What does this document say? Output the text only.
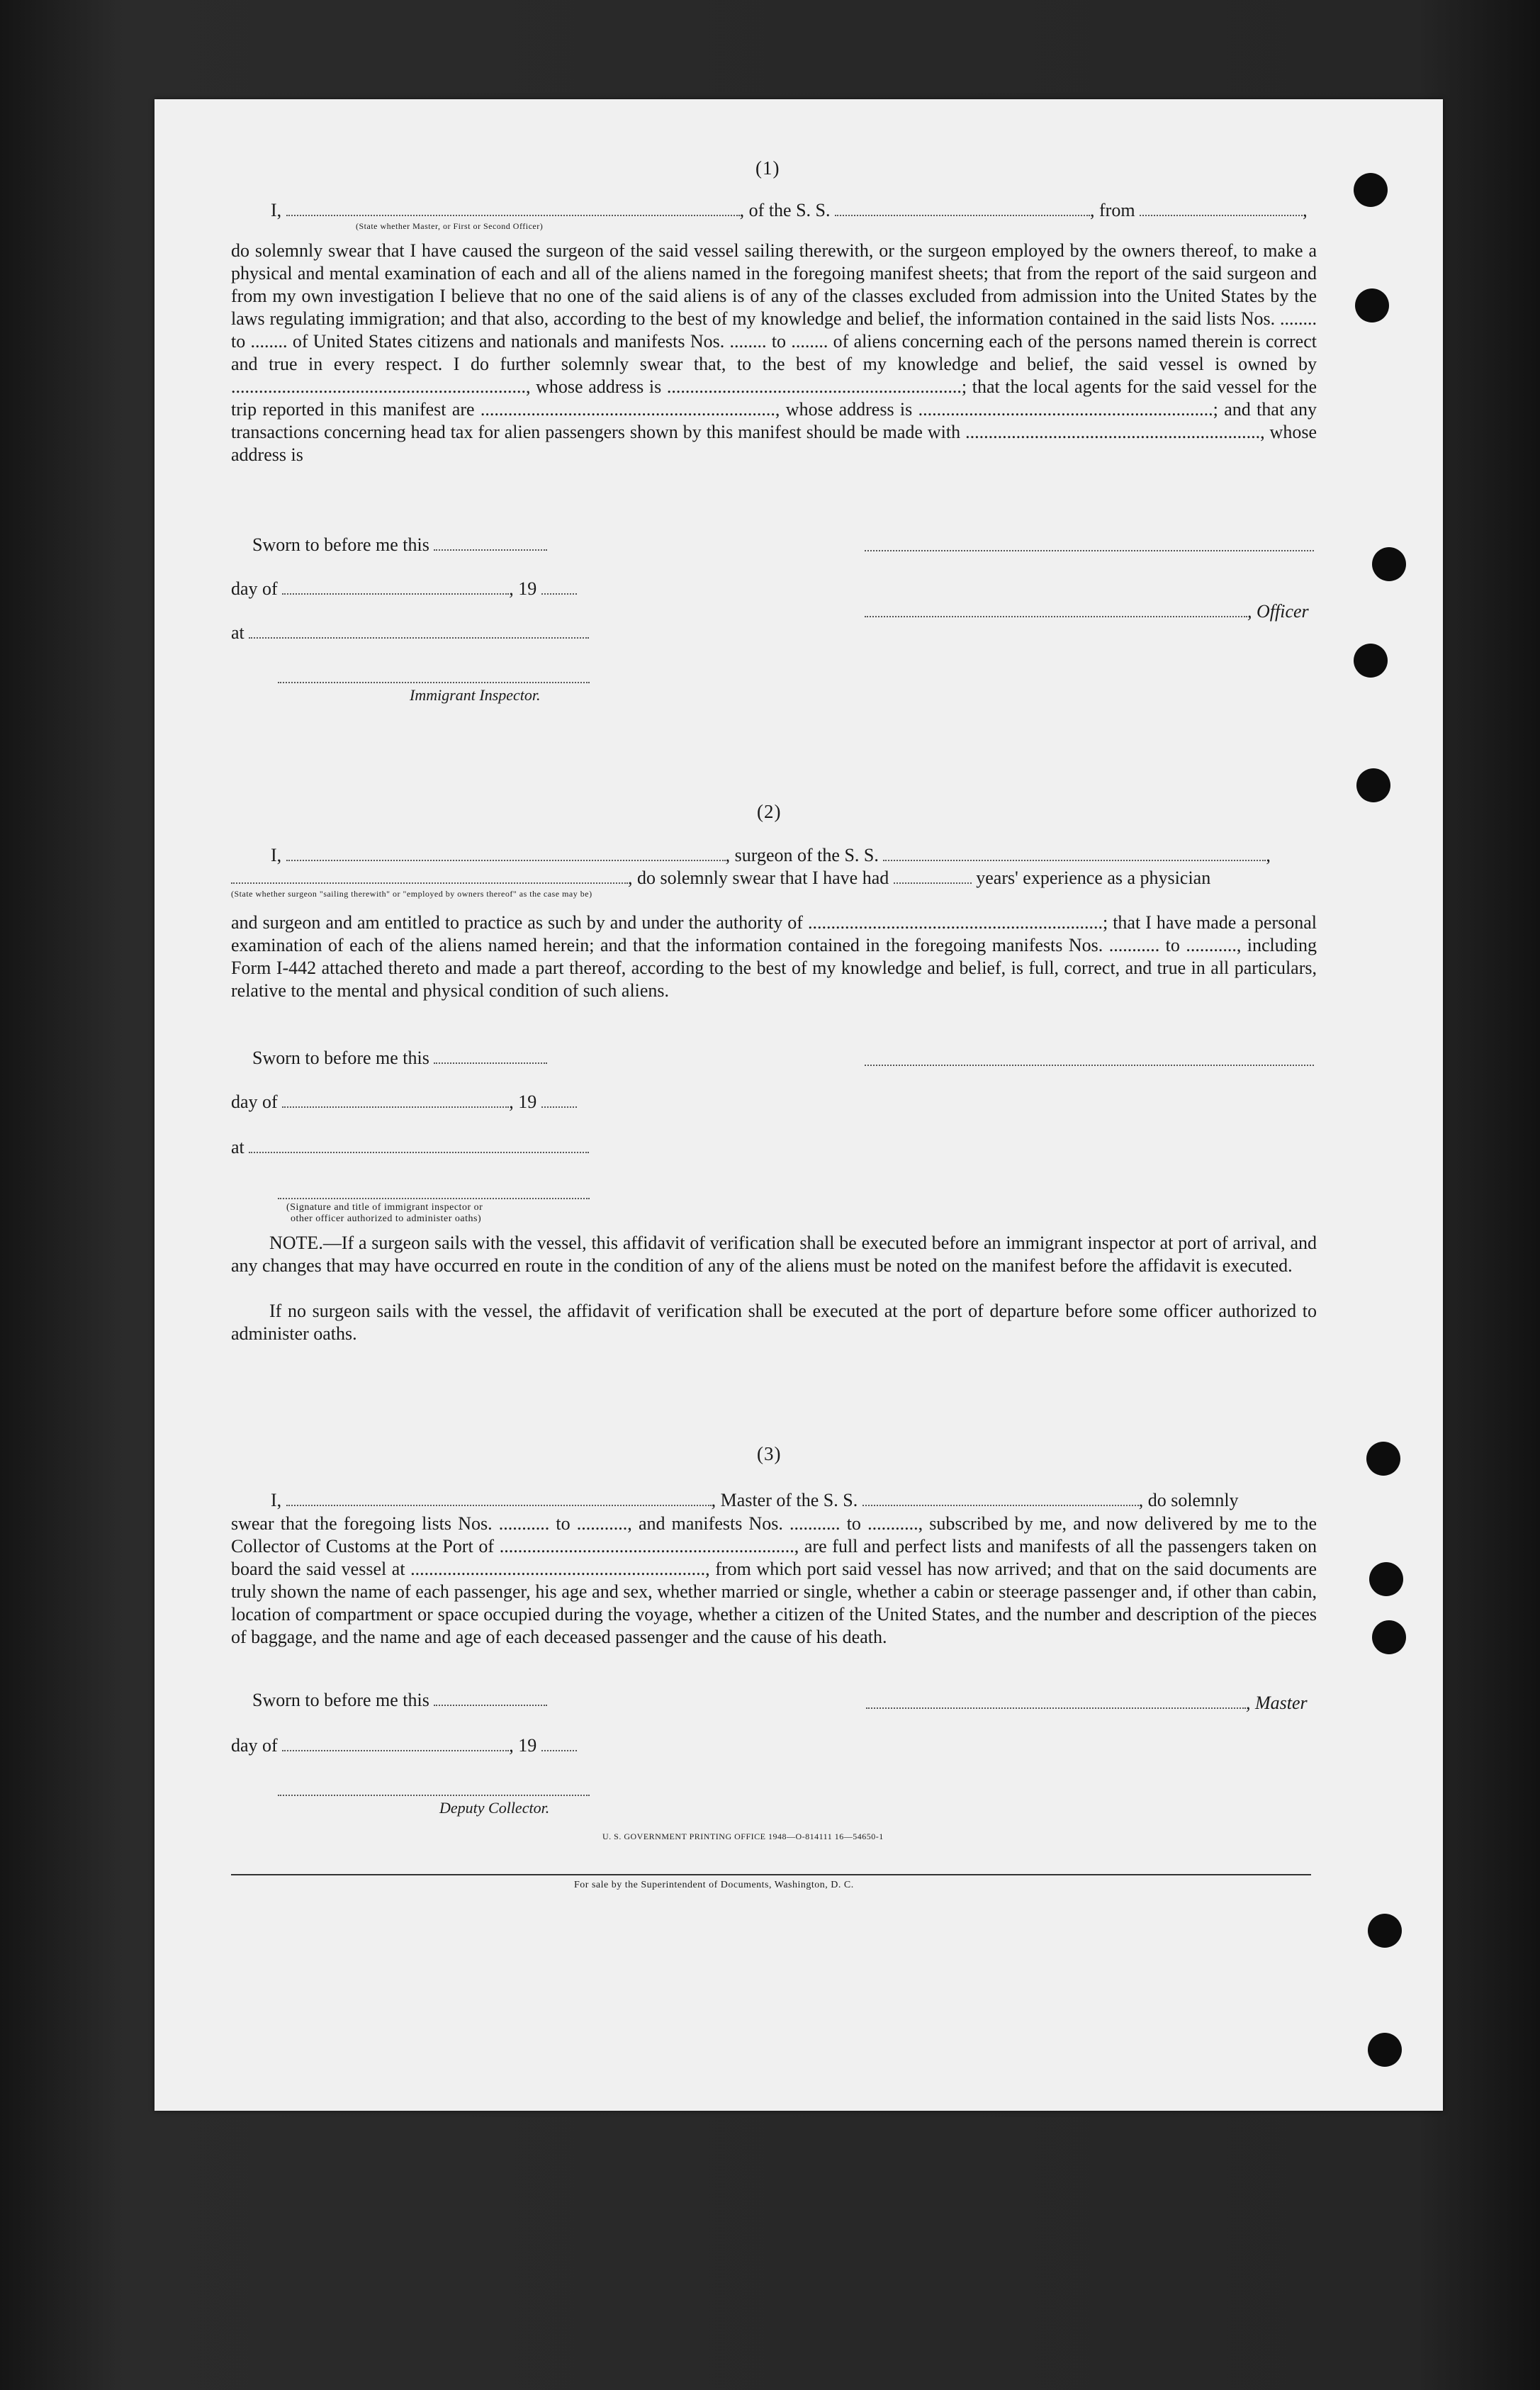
(1)
I,	, of the S. S.	, from	,
(State whether Master, or First or Second Officer)
do solemnly swear that I have caused the surgeon of the said vessel sailing therewith, or the surgeon employed by the owners thereof, to make a physical and mental examination of each and all of the aliens named in the foregoing manifest sheets; that from the report of the said surgeon and from my own investigation I believe that no one of the said aliens is of any of the classes excluded from admission into the United States by the laws regulating immigration; and that also, according to the best of my knowledge and belief, the information contained in the said lists Nos. ........ to ........ of United States citizens and nationals and manifests Nos. ........ to ........ of aliens concerning each of the persons named therein is correct and true in every respect. I do further solemnly swear that, to the best of my knowledge and belief, the said vessel is owned by ................................................................, whose address is ................................................................; that the local agents for the said vessel for the trip reported in this manifest are ................................................................, whose address is ................................................................; and that any transactions concerning head tax for alien passengers shown by this manifest should be made with ................................................................, whose address is
Sworn to before me this
day of	, 19
, Officer
at
Immigrant Inspector.
(2)
I,	, surgeon of the S. S.	,
, do solemnly swear that I have had	years' experience as a physician
(State whether surgeon "sailing therewith" or "employed by owners thereof" as the case may be)
and surgeon and am entitled to practice as such by and under the authority of ................................................................; that I have made a personal examination of each of the aliens named herein; and that the information contained in the foregoing manifests Nos. ........... to ..........., including Form I-442 attached thereto and made a part thereof, according to the best of my knowledge and belief, is full, correct, and true in all particulars, relative to the mental and physical condition of such aliens.
Sworn to before me this
day of	, 19
at
(Signature and title of immigrant inspector or
other officer authorized to administer oaths)
NOTE.—If a surgeon sails with the vessel, this affidavit of verification shall be executed before an immigrant inspector at port of arrival, and any changes that may have occurred en route in the condition of any of the aliens must be noted on the manifest before the affidavit is executed.
If no surgeon sails with the vessel, the affidavit of verification shall be executed at the port of departure before some officer authorized to administer oaths.
(3)
I,	, Master of the S. S.	, do solemnly
swear that the foregoing lists Nos. ........... to ..........., and manifests Nos. ........... to ..........., subscribed by me, and now delivered by me to the Collector of Customs at the Port of ................................................................, are full and perfect lists and manifests of all the passengers taken on board the said vessel at ................................................................, from which port said vessel has now arrived; and that on the said documents are truly shown the name of each passenger, his age and sex, whether married or single, whether a cabin or steerage passenger and, if other than cabin, location of compartment or space occupied during the voyage, whether a citizen of the United States, and the number and description of the pieces of baggage, and the name and age of each deceased passenger and the cause of his death.
Sworn to before me this	, Master
day of	, 19
Deputy Collector.
U. S. GOVERNMENT PRINTING OFFICE 1948—O-814111 16—54650-1
For sale by the Superintendent of Documents, Washington, D. C.
